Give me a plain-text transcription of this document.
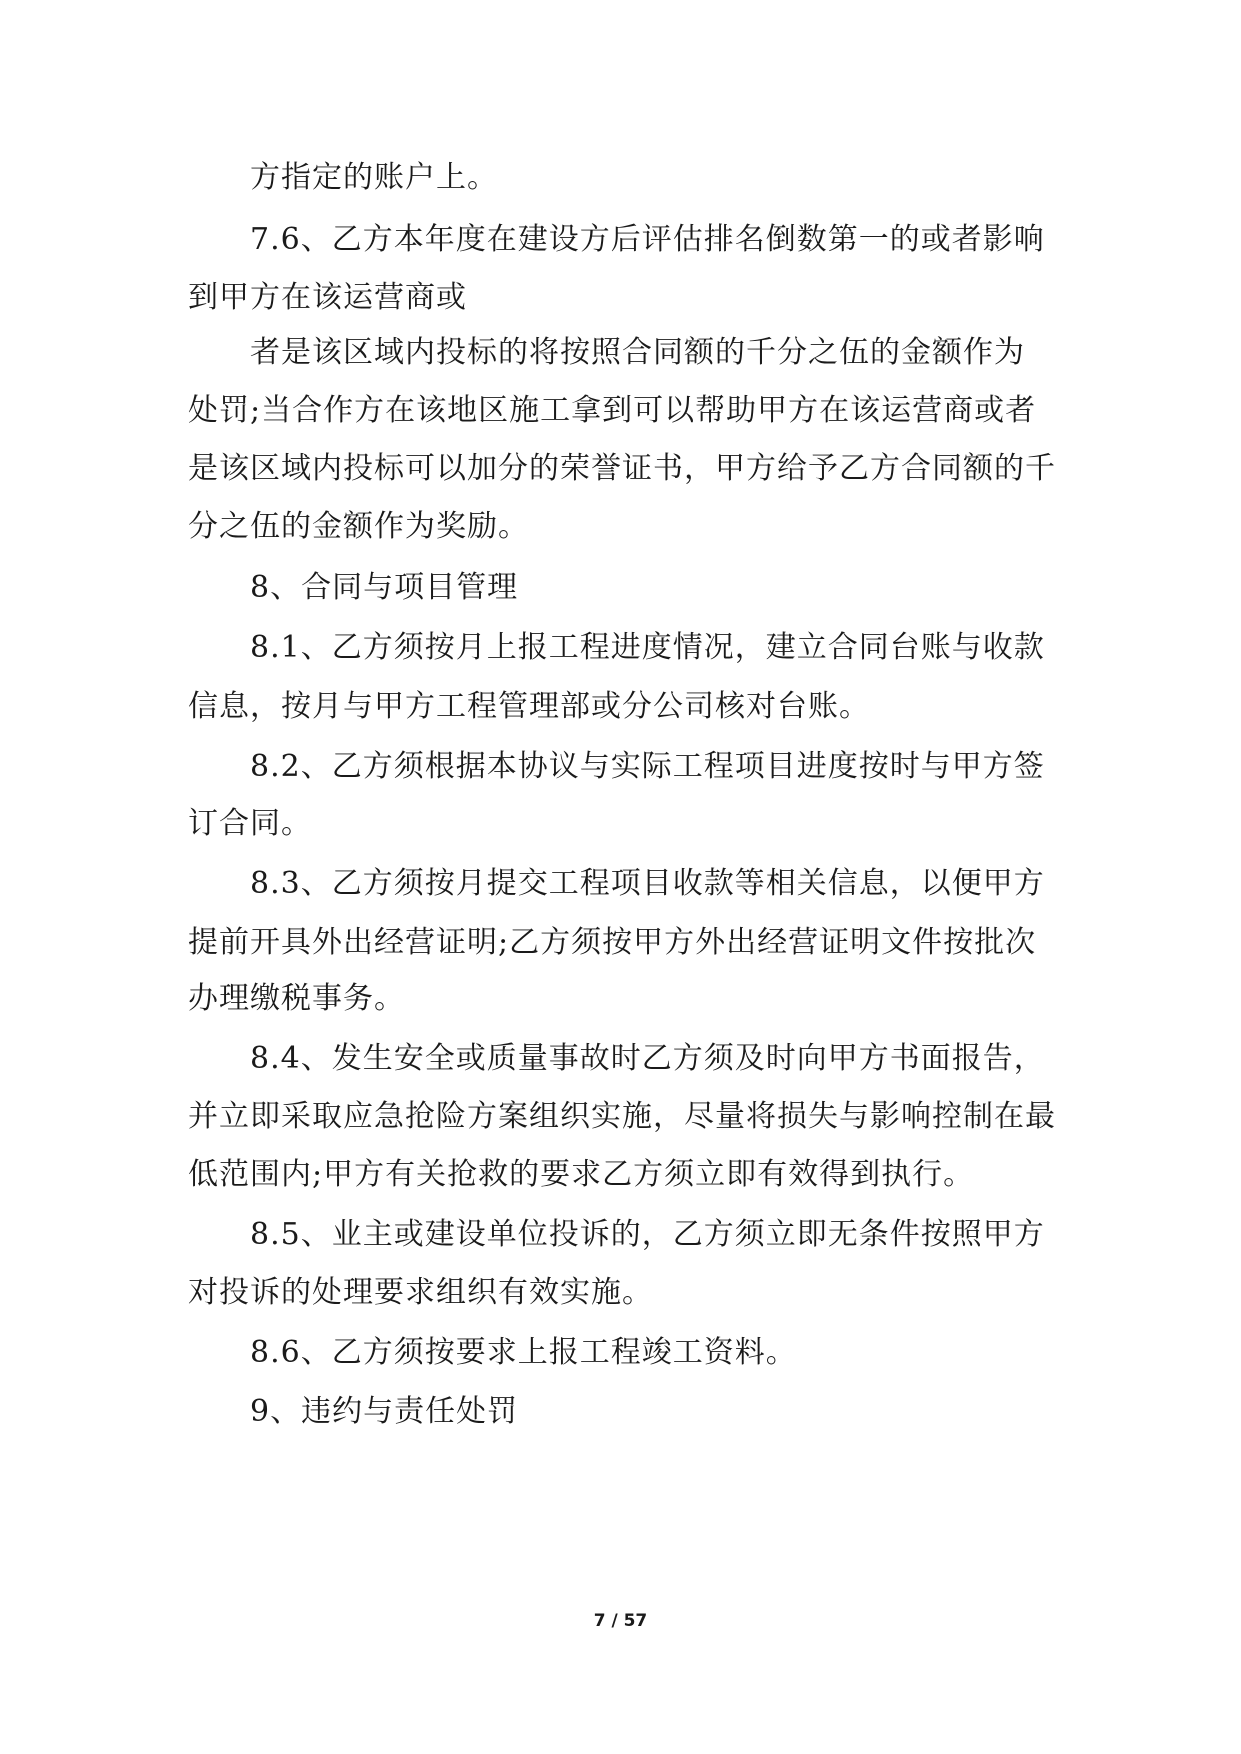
方指定的账户上。
7.6、乙方本年度在建设方后评估排名倒数第一的或者影响
到甲方在该运营商或
者是该区域内投标的将按照合同额的千分之伍的金额作为
处罚;当合作方在该地区施工拿到可以帮助甲方在该运营商或者
是该区域内投标可以加分的荣誉证书，甲方给予乙方合同额的千
分之伍的金额作为奖励。
8、合同与项目管理
8.1、乙方须按月上报工程进度情况，建立合同台账与收款
信息，按月与甲方工程管理部或分公司核对台账。
8.2、乙方须根据本协议与实际工程项目进度按时与甲方签
订合同。
8.3、乙方须按月提交工程项目收款等相关信息，以便甲方
提前开具外出经营证明;乙方须按甲方外出经营证明文件按批次
办理缴税事务。
8.4、发生安全或质量事故时乙方须及时向甲方书面报告，
并立即采取应急抢险方案组织实施，尽量将损失与影响控制在最
低范围内;甲方有关抢救的要求乙方须立即有效得到执行。
8.5、业主或建设单位投诉的，乙方须立即无条件按照甲方
对投诉的处理要求组织有效实施。
8.6、乙方须按要求上报工程竣工资料。
9、违约与责任处罚
7 / 57
